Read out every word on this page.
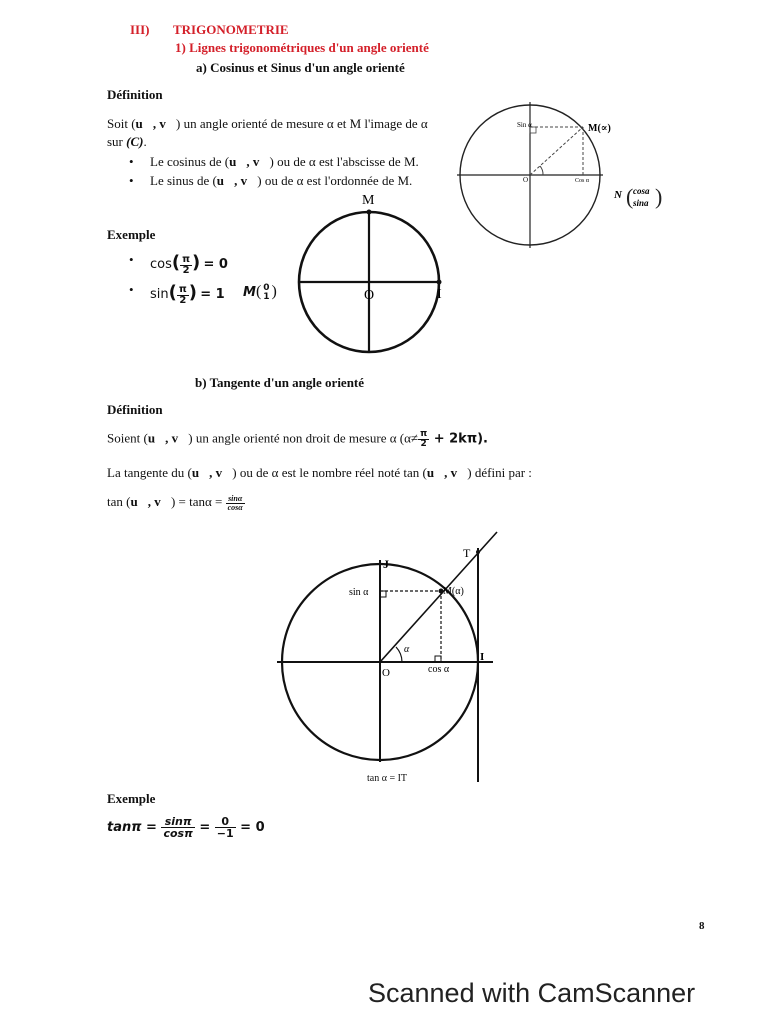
III) TRIGONOMETRIE
1) Lignes trigonométriques d'un angle orienté
a) Cosinus et Sinus d'un angle orienté
Définition
Soit (u⃗, v⃗) un angle orienté de mesure α et M l'image de α
sur (C).
• Le cosinus de (u⃗, v⃗) ou de α est l'abscisse de M.
• Le sinus de (u⃗, v⃗) ou de α est l'ordonnée de M.
Exemple
• $\cos( \frac{\pi}{2}$ ) = 0
• $\sin( \frac{\pi}{2}$ ) = 1 M( 0
1 )
Sin α
Cos α
O
M(∝)
N ( cosa
sina )
M
O	I
b) Tangente d'un angle orienté
Définition
Soient (u⃗, v⃗) un angle orienté non droit de mesure α $(\alpha\ne \frac{\pi}{2} + 2k\pi)$.
La tangente du (u⃗, v⃗) ou de α est le nombre réel noté tan (u⃗, v⃗) défini par :
tan (u⃗, v⃗) = $\tan\alpha = \frac{\sin\alpha}{\cos\alpha}$
J
T
sin α	M(α)
α
O	cos α
I
tan α = IT
Exemple
$\tan\pi = \frac{\sin\pi}{\cos\pi} = \frac{0}{-1} = 0$
8
Scanned with CamScanner
